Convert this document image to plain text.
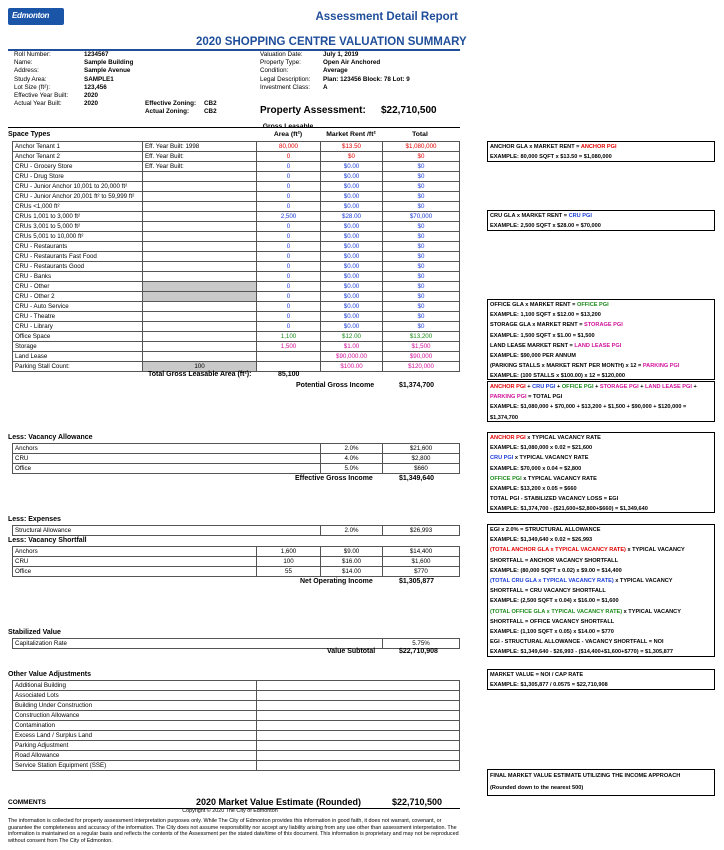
Edmonton	Assessment Detail Report
2020 SHOPPING CENTRE VALUATION SUMMARY
Roll Number:	1234567
Name:	Sample Building
Address:	Sample Avenue
Study Area:	SAMPLE1
Lot Size (ft²):	123,456
Effective Year Built:	2020
Actual Year Built:	2020	Effective Zoning: CB2
Actual Zoning: CB2
Valuation Date:	July 1, 2019
Property Type:	Open Air Anchored
Condition:	Average
Legal Description: Plan: 123456 Block: 78 Lot: 9
Investment Class: A
Property Assessment: $22,710,500
Space Types
Gross Leasable Area (ft²)	Market Rent /ft²	Total
Anchor Tenant 1	Eff. Year Built: 1998	80,000	$13.50	$1,080,000
Anchor Tenant 2	Eff. Year Built:	0	$0	$0
CRU - Grocery Store	Eff. Year Built:	0	$0.00	$0
CRU - Drug Store		0	$0.00	$0
CRU - Junior Anchor 10,001 to 20,000 ft²		0	$0.00	$0
CRU - Junior Anchor 20,001 ft² to 59,999 ft²		0	$0.00	$0
CRUs <1,000 ft²		0	$0.00	$0
CRUs 1,001 to 3,000 ft²		2,500	$28.00	$70,000
CRUs 3,001 to 5,000 ft²		0	$0.00	$0
CRUs 5,001 to 10,000 ft²		0	$0.00	$0
CRU - Restaurants		0	$0.00	$0
CRU - Restaurants Fast Food		0	$0.00	$0
CRU - Restaurants Good		0	$0.00	$0
CRU - Banks		0	$0.00	$0
CRU - Other		0	$0.00	$0
CRU - Other 2		0	$0.00	$0
CRU - Auto Service		0	$0.00	$0
CRU - Theatre		0	$0.00	$0
CRU - Library		0	$0.00	$0
Office Space		1,100	$12.00	$13,200
Storage		1,500	$1.00	$1,500
Land Lease			$90,000.00	$90,000
Parking Stall Count:	100		$100.00	$120,000
Total Gross Leasable Area (ft²):	85,100
Potential Gross Income	$1,374,700
Less: Vacancy Allowance
Anchors	2.0%	$21,600
CRU	4.0%	$2,800
Office	5.0%	$660
Effective Gross Income	$1,349,640
Less: Expenses
Structural Allowance	2.0%	$26,993
Less: Vacancy Shortfall
Anchors	1,600	$9.00	$14,400
CRU	100	$16.00	$1,600
Office	55	$14.00	$770
Net Operating Income	$1,305,877
Stabilized Value
Capitalization Rate	5.75%
Value Subtotal	$22,710,908
Other Value Adjustments
Additional Building	
Associated Lots	
Building Under Construction	
Construction Allowance	
Contamination	
Excess Land / Surplus Land	
Parking Adjustment	
Road Allowance	
Service Station Equipment (SSE)	
COMMENTS	2020 Market Value Estimate (Rounded)	$22,710,500
Copyright © 2020 The City of Edmonton
The information is collected for property assessment interpretation purposes only. While The City of Edmonton provides this information in good faith, it does not warrant, covenant, or guarantee the completeness and accuracy of the information. The City does not assume responsibility nor accept any liability arising from any use other than assessment interpretation. The information is maintained on a regular basis and reflects the contents of the Assessment per the stated date/time of this document. This information is proprietary and may not be reproduced without consent from The City of Edmonton.
ANCHOR GLA x MARKET RENT = ANCHOR PGI
EXAMPLE: 80,000 SQFT x $13.50 = $1,080,000
CRU GLA x MARKET RENT = CRU PGI
EXAMPLE: 2,500 SQFT x $28.00 = $70,000
OFFICE GLA x MARKET RENT = OFFICE PGI
EXAMPLE: 1,100 SQFT x $12.00 = $13,200
STORAGE GLA x MARKET RENT = STORAGE PGI
EXAMPLE: 1,500 SQFT x $1.00 = $1,500
LAND LEASE MARKET RENT = LAND LEASE PGI
EXAMPLE: $90,000 PER ANNUM
(PARKING STALLS x MARKET RENT PER MONTH) x 12 = PARKING PGI
EXAMPLE: (100 STALLS x $100.00) x 12 = $120,000
ANCHOR PGI + CRU PGI + OFFICE PGI + STORAGE PGI + LAND LEASE PGI +
PARKING PGI = TOTAL PGI
EXAMPLE: $1,080,000 + $70,000 + $13,200 + $1,500 + $90,000 + $120,000 =
$1,374,700
ANCHOR PGI x TYPICAL VACANCY RATE
EXAMPLE: $1,080,000 x 0.02 = $21,600
CRU PGI x TYPICAL VACANCY RATE
EXAMPLE: $70,000 x 0.04 = $2,800
OFFICE PGI x TYPICAL VACANCY RATE
EXAMPLE: $13,200 x 0.05 = $660
TOTAL PGI - STABILIZED VACANCY LOSS = EGI
EXAMPLE: $1,374,700 - ($21,600+$2,800+$660) = $1,349,640
EGI x 2.0% = STRUCTURAL ALLOWANCE
EXAMPLE: $1,349,640 x 0.02 = $26,993
(TOTAL ANCHOR GLA x TYPICAL VACANCY RATE) x TYPICAL VACANCY
SHORTFALL = ANCHOR VACANCY SHORTFALL
EXAMPLE: (80,000 SQFT x 0.02) x $9.00 = $14,400
(TOTAL CRU GLA x TYPICAL VACANCY RATE) x TYPICAL VACANCY
SHORTFALL = CRU VACANCY SHORTFALL
EXAMPLE: (2,500 SQFT x 0.04) x $16.00 = $1,600
(TOTAL OFFICE GLA x TYPICAL VACANCY RATE) x TYPICAL VACANCY
SHORTFALL = OFFICE VACANCY SHORTFALL
EXAMPLE: (1,100 SQFT x 0.05) x $14.00 = $770
EGI - STRUCTURAL ALLOWANCE - VACANCY SHORTFALL = NOI
EXAMPLE: $1,349,640 - $26,993 - ($14,400+$1,600+$770) = $1,305,877
MARKET VALUE = NOI / CAP RATE
EXAMPLE: $1,305,877 / 0.0575 = $22,710,908
FINAL MARKET VALUE ESTIMATE UTILIZING THE INCOME APPROACH
(Rounded down to the nearest 500)
